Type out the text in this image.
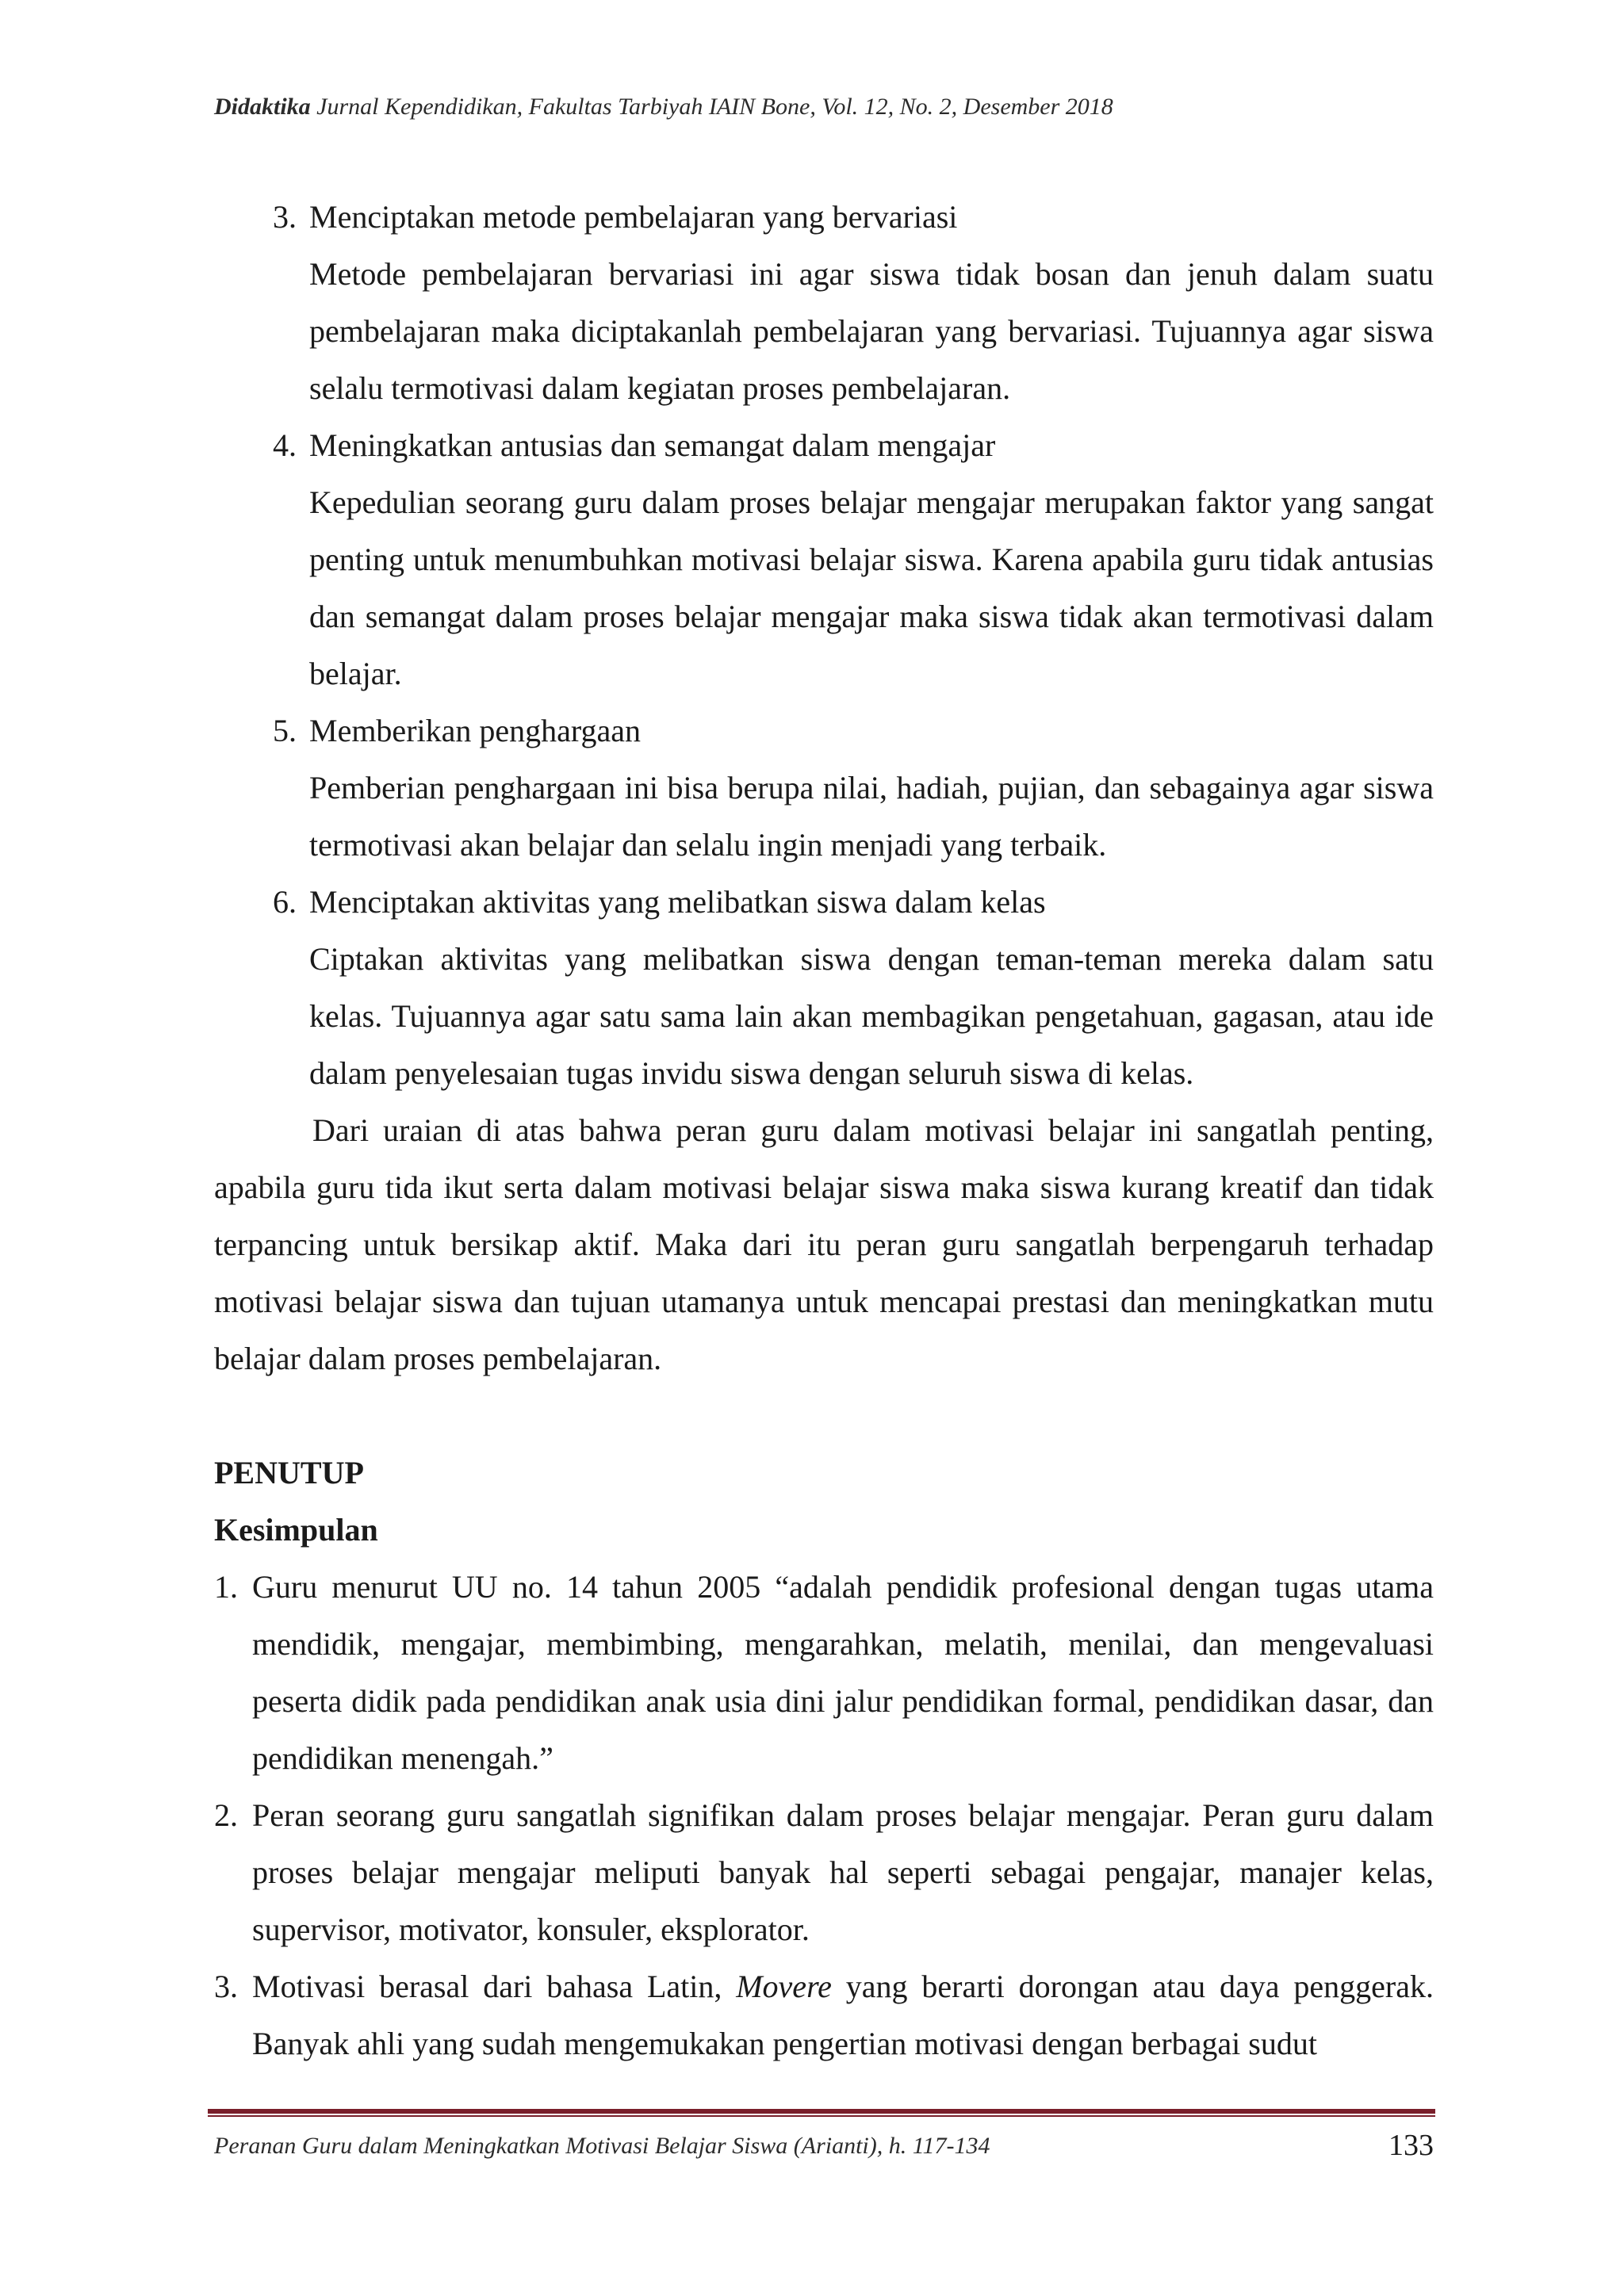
Didaktika Jurnal Kependidikan, Fakultas Tarbiyah IAIN Bone, Vol. 12, No. 2, Desember 2018
3. Menciptakan metode pembelajaran yang bervariasi

Metode pembelajaran bervariasi ini agar siswa tidak bosan dan jenuh dalam suatu pembelajaran maka diciptakanlah pembelajaran yang bervariasi. Tujuannya agar siswa selalu termotivasi dalam kegiatan proses pembelajaran.

4. Meningkatkan antusias dan semangat dalam mengajar

Kepedulian seorang guru dalam proses belajar mengajar merupakan faktor yang sangat penting untuk menumbuhkan motivasi belajar siswa. Karena apabila guru tidak antusias dan semangat dalam proses belajar mengajar maka siswa tidak akan termotivasi dalam belajar.

5. Memberikan penghargaan

Pemberian penghargaan ini bisa berupa nilai, hadiah, pujian, dan sebagainya agar siswa termotivasi akan belajar dan selalu ingin menjadi yang terbaik.

6. Menciptakan aktivitas yang melibatkan siswa dalam kelas

Ciptakan aktivitas yang melibatkan siswa dengan teman-teman mereka dalam satu kelas. Tujuannya agar satu sama lain akan membagikan pengetahuan, gagasan, atau ide dalam penyelesaian tugas invidu siswa dengan seluruh siswa di kelas.

Dari uraian di atas bahwa peran guru dalam motivasi belajar ini sangatlah penting, apabila guru tida ikut serta dalam motivasi belajar siswa maka siswa kurang kreatif dan tidak terpancing untuk bersikap aktif. Maka dari itu peran guru sangatlah berpengaruh terhadap motivasi belajar siswa dan tujuan utamanya untuk mencapai prestasi dan meningkatkan mutu belajar dalam proses pembelajaran.

PENUTUP

Kesimpulan

1. Guru menurut UU no. 14 tahun 2005 “adalah pendidik profesional dengan tugas utama mendidik, mengajar, membimbing, mengarahkan, melatih, menilai, dan mengevaluasi peserta didik pada pendidikan anak usia dini jalur pendidikan formal, pendidikan dasar, dan pendidikan menengah.”
2. Peran seorang guru sangatlah signifikan dalam proses belajar mengajar. Peran guru dalam proses belajar mengajar meliputi banyak hal seperti sebagai pengajar, manajer kelas, supervisor, motivator, konsuler, eksplorator.
3. Motivasi berasal dari bahasa Latin, Movere yang berarti dorongan atau daya penggerak. Banyak ahli yang sudah mengemukakan pengertian motivasi dengan berbagai sudut
Peranan Guru dalam Meningkatkan Motivasi Belajar Siswa (Arianti), h. 117-134	133
